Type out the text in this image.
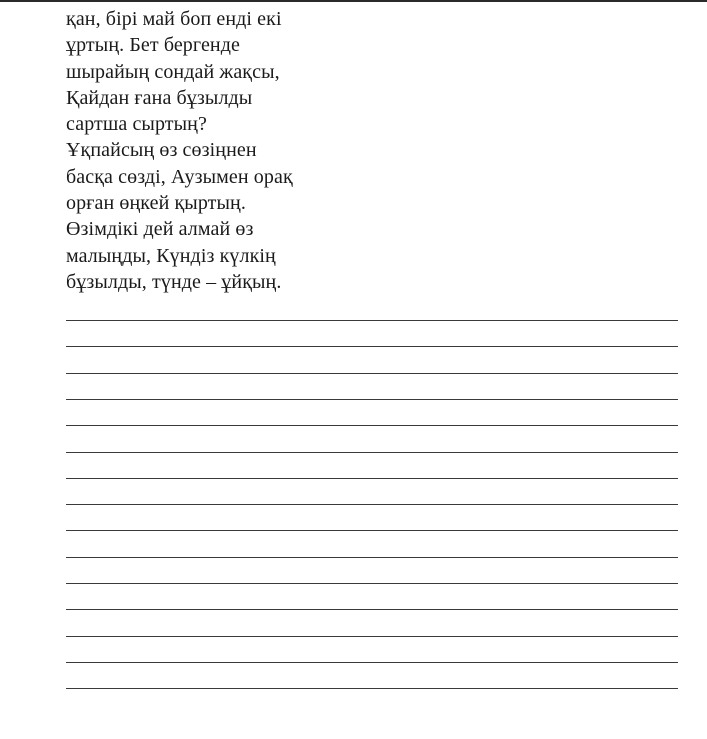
қан, бірі май боп енді екі
ұртың. Бет бергенде
шырайың сондай жақсы,
Қайдан ғана бұзылды
сартша сыртың?
Ұқпайсың өз сөзіңнен
басқа сөзді, Аузымен орақ
орған өңкей қыртың.
Өзімдікі дей алмай өз
малыңды, Күндіз күлкің
бұзылды, түнде – ұйқың.
